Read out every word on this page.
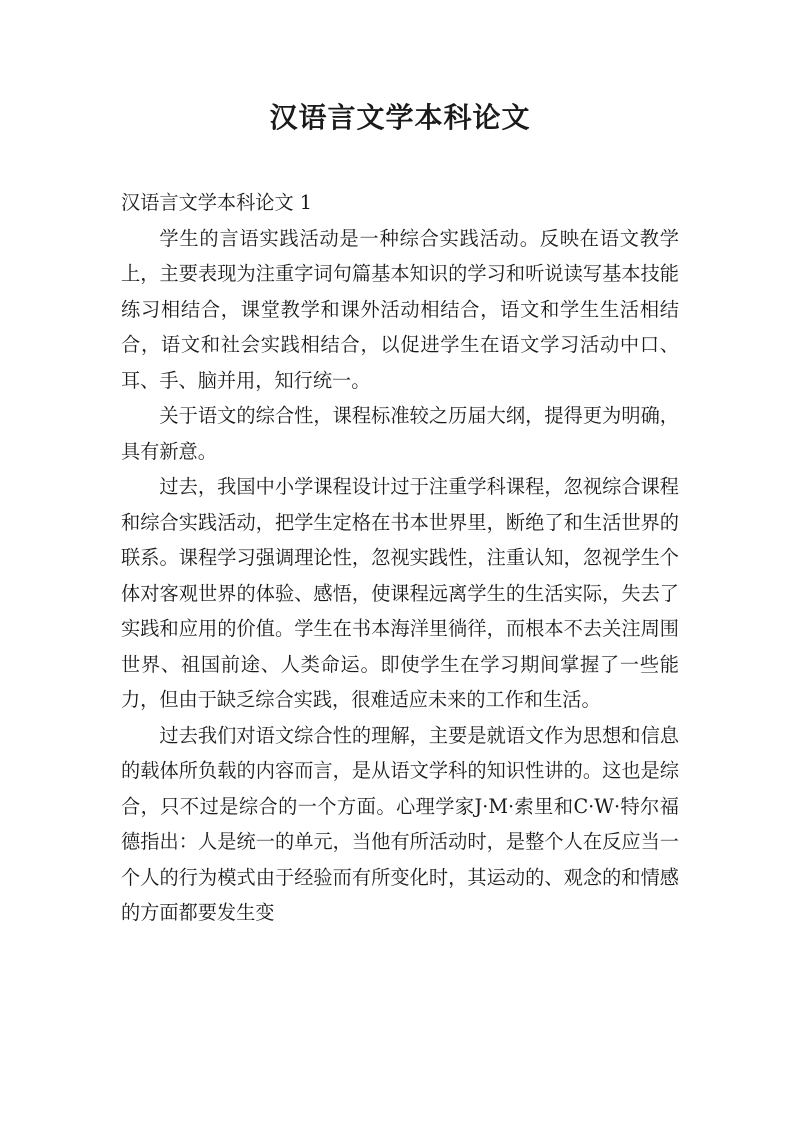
汉语言文学本科论文
汉语言文学本科论文 1

学生的言语实践活动是一种综合实践活动。反映在语文教学上，主要表现为注重字词句篇基本知识的学习和听说读写基本技能练习相结合，课堂教学和课外活动相结合，语文和学生生活相结合，语文和社会实践相结合，以促进学生在语文学习活动中口、耳、手、脑并用，知行统一。

关于语文的综合性，课程标准较之历届大纲，提得更为明确，具有新意。

过去，我国中小学课程设计过于注重学科课程，忽视综合课程和综合实践活动，把学生定格在书本世界里，断绝了和生活世界的联系。课程学习强调理论性，忽视实践性，注重认知，忽视学生个体对客观世界的体验、感悟，使课程远离学生的生活实际，失去了实践和应用的价值。学生在书本海洋里徜徉，而根本不去关注周围世界、祖国前途、人类命运。即使学生在学习期间掌握了一些能力，但由于缺乏综合实践，很难适应未来的工作和生活。

过去我们对语文综合性的理解，主要是就语文作为思想和信息的载体所负载的内容而言，是从语文学科的知识性讲的。这也是综合，只不过是综合的一个方面。心理学家J·M·索里和C·W·特尔福德指出：人是统一的单元，当他有所活动时，是整个人在反应当一个人的行为模式由于经验而有所变化时，其运动的、观念的和情感的方面都要发生变
